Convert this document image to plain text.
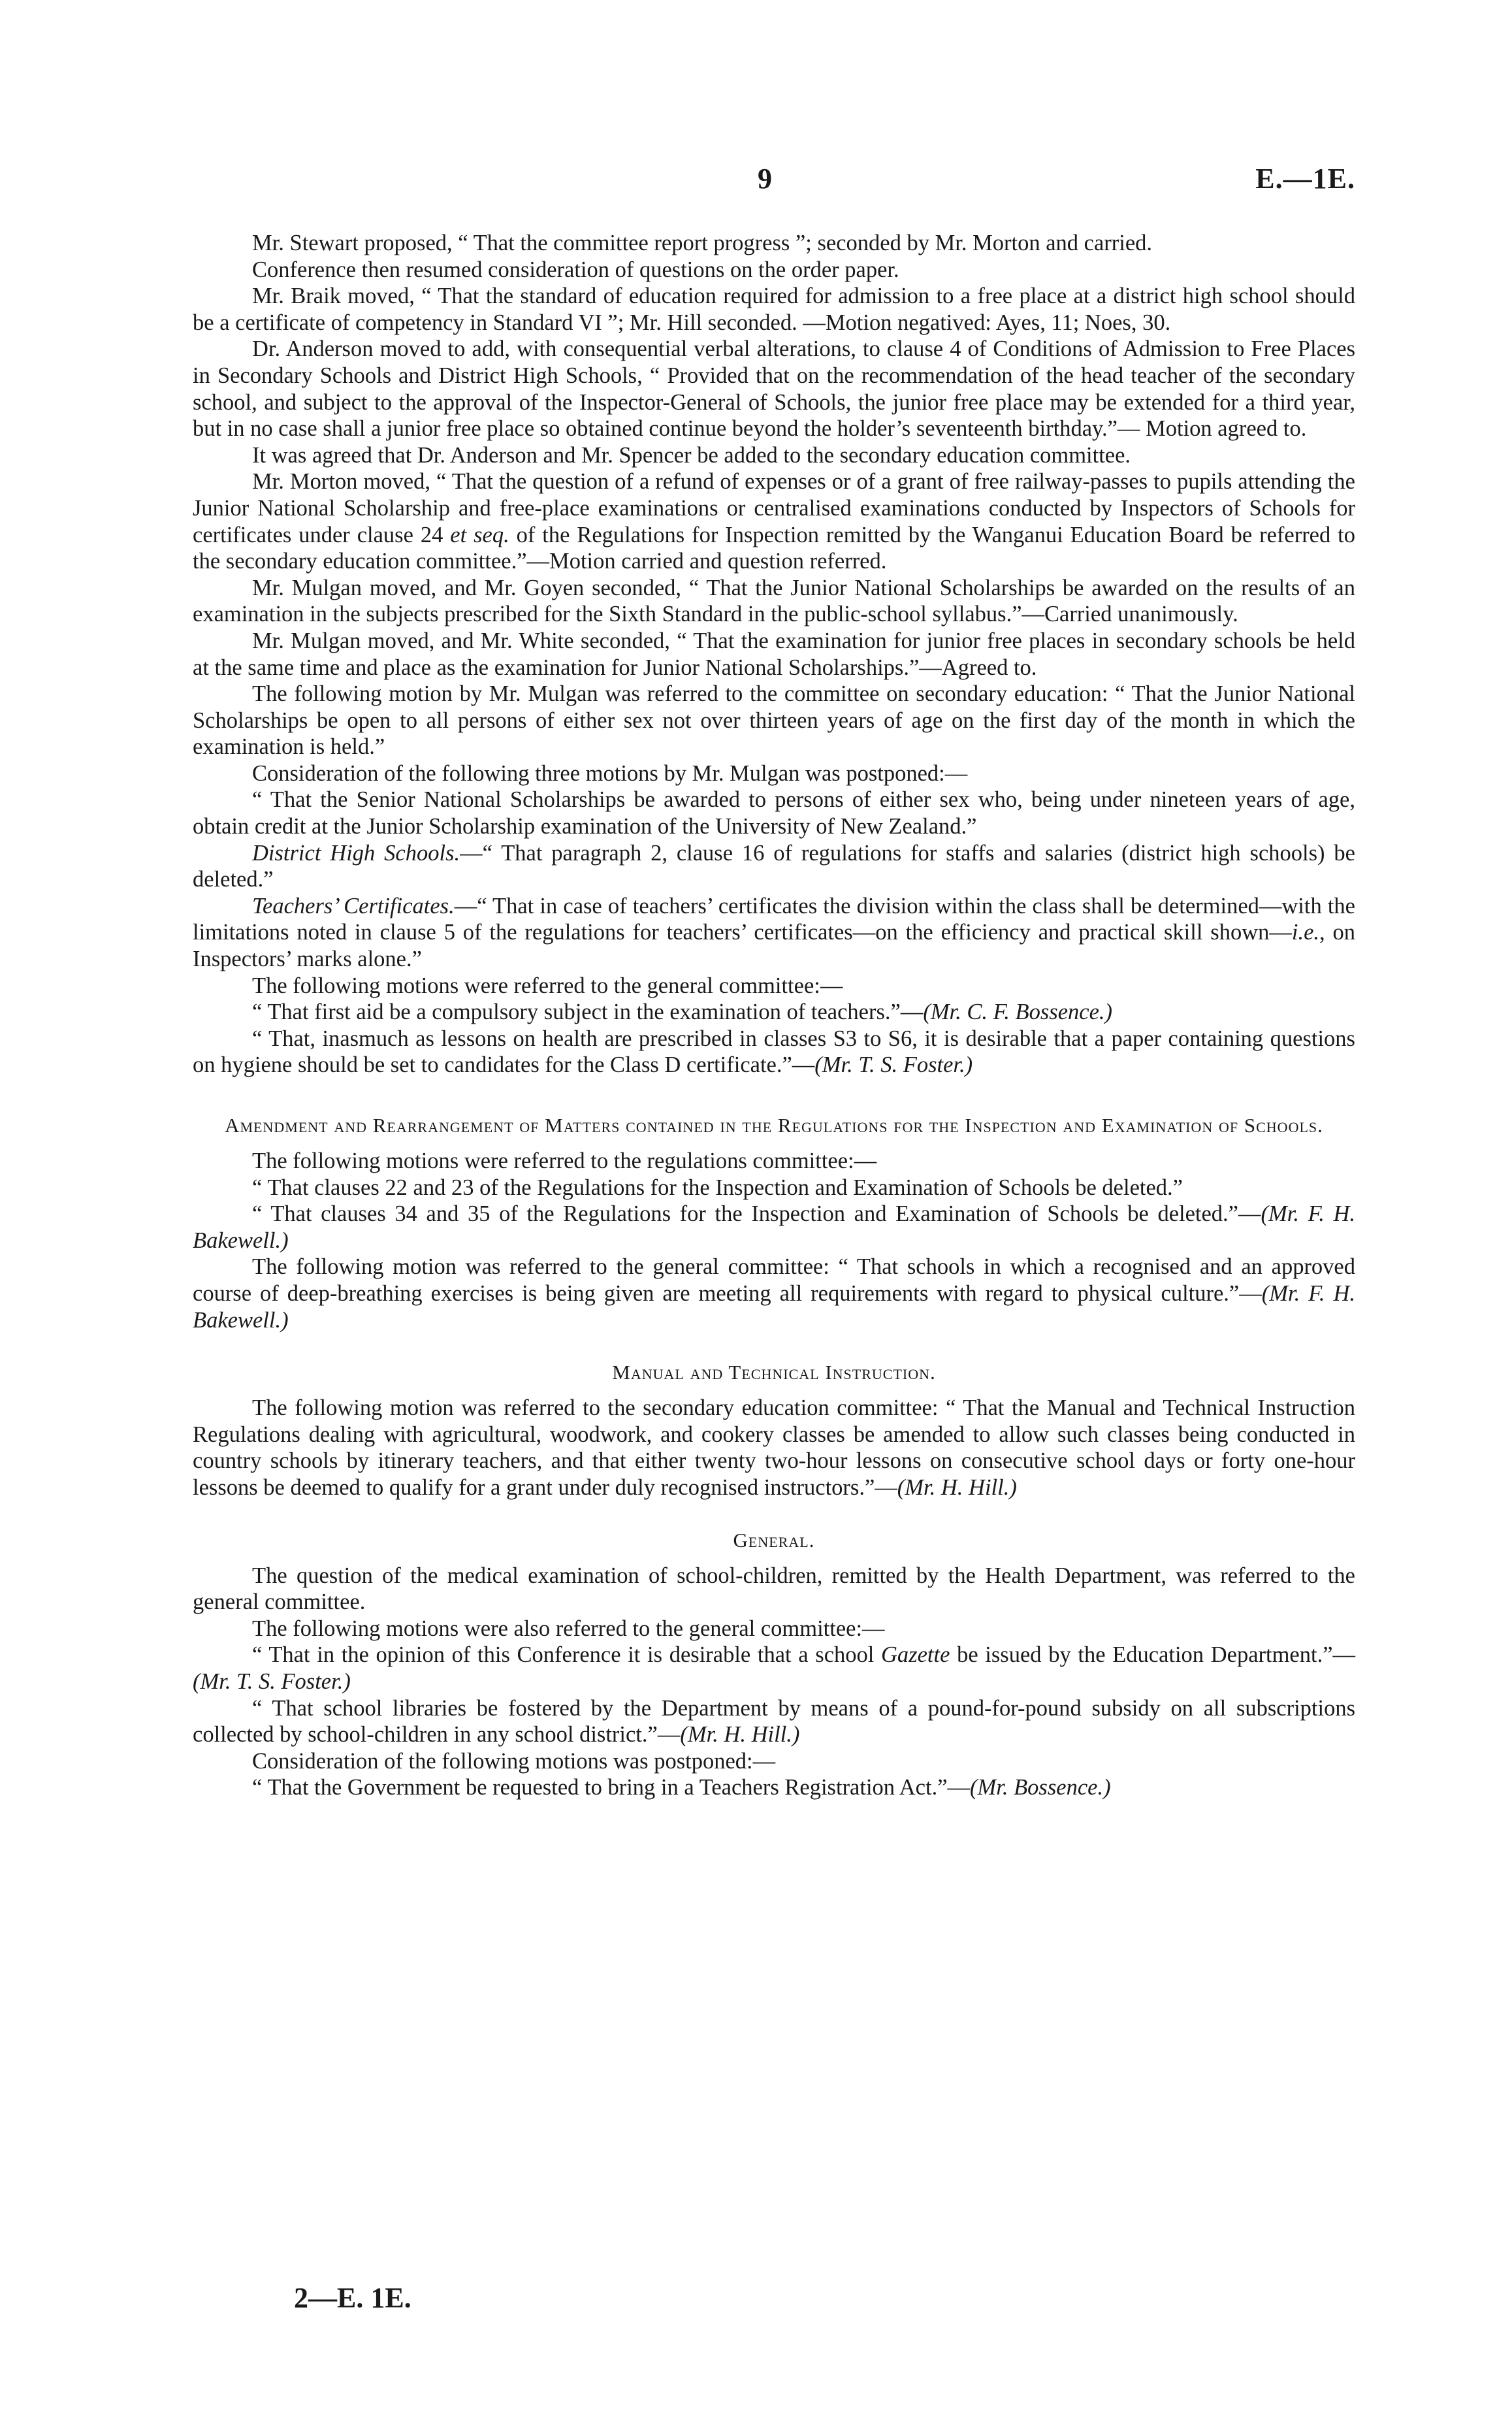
9	E.—1E.

Mr. Stewart proposed, “ That the committee report progress ”; seconded by Mr. Morton and carried.

Conference then resumed consideration of questions on the order paper.

Mr. Braik moved, “ That the standard of education required for admission to a free place at a district high school should be a certificate of competency in Standard VI ”; Mr. Hill seconded. —Motion negatived: Ayes, 11; Noes, 30.

Dr. Anderson moved to add, with consequential verbal alterations, to clause 4 of Conditions of Admission to Free Places in Secondary Schools and District High Schools, “ Provided that on the recommendation of the head teacher of the secondary school, and subject to the approval of the Inspector-General of Schools, the junior free place may be extended for a third year, but in no case shall a junior free place so obtained continue beyond the holder’s seventeenth birthday.”— Motion agreed to.

It was agreed that Dr. Anderson and Mr. Spencer be added to the secondary education committee.

Mr. Morton moved, “ That the question of a refund of expenses or of a grant of free railway-passes to pupils attending the Junior National Scholarship and free-place examinations or centralised examinations conducted by Inspectors of Schools for certificates under clause 24 et seq. of the Regulations for Inspection remitted by the Wanganui Education Board be referred to the secondary education committee.”—Motion carried and question referred.

Mr. Mulgan moved, and Mr. Goyen seconded, “ That the Junior National Scholarships be awarded on the results of an examination in the subjects prescribed for the Sixth Standard in the public-school syllabus.”—Carried unanimously.

Mr. Mulgan moved, and Mr. White seconded, “ That the examination for junior free places in secondary schools be held at the same time and place as the examination for Junior National Scholarships.”—Agreed to.

The following motion by Mr. Mulgan was referred to the committee on secondary education: “ That the Junior National Scholarships be open to all persons of either sex not over thirteen years of age on the first day of the month in which the examination is held.”

Consideration of the following three motions by Mr. Mulgan was postponed:—

“ That the Senior National Scholarships be awarded to persons of either sex who, being under nineteen years of age, obtain credit at the Junior Scholarship examination of the University of New Zealand.”

District High Schools.—“ That paragraph 2, clause 16 of regulations for staffs and salaries (district high schools) be deleted.”

Teachers’ Certificates.—“ That in case of teachers’ certificates the division within the class shall be determined—with the limitations noted in clause 5 of the regulations for teachers’ certificates—on the efficiency and practical skill shown—i.e., on Inspectors’ marks alone.”

The following motions were referred to the general committee:—

“ That first aid be a compulsory subject in the examination of teachers.”—(Mr. C. F. Bossence.)

“ That, inasmuch as lessons on health are prescribed in classes S3 to S6, it is desirable that a paper containing questions on hygiene should be set to candidates for the Class D certificate.”—(Mr. T. S. Foster.)

Amendment and Rearrangement of Matters contained in the Regulations for the Inspection and Examination of Schools.

The following motions were referred to the regulations committee:—

“ That clauses 22 and 23 of the Regulations for the Inspection and Examination of Schools be deleted.”

“ That clauses 34 and 35 of the Regulations for the Inspection and Examination of Schools be deleted.”—(Mr. F. H. Bakewell.)

The following motion was referred to the general committee: “ That schools in which a recognised and an approved course of deep-breathing exercises is being given are meeting all requirements with regard to physical culture.”—(Mr. F. H. Bakewell.)

Manual and Technical Instruction.

The following motion was referred to the secondary education committee: “ That the Manual and Technical Instruction Regulations dealing with agricultural, woodwork, and cookery classes be amended to allow such classes being conducted in country schools by itinerary teachers, and that either twenty two-hour lessons on consecutive school days or forty one-hour lessons be deemed to qualify for a grant under duly recognised instructors.”—(Mr. H. Hill.)

General.

The question of the medical examination of school-children, remitted by the Health Department, was referred to the general committee.

The following motions were also referred to the general committee:—

“ That in the opinion of this Conference it is desirable that a school Gazette be issued by the Education Department.”—(Mr. T. S. Foster.)

“ That school libraries be fostered by the Department by means of a pound-for-pound subsidy on all subscriptions collected by school-children in any school district.”—(Mr. H. Hill.)

Consideration of the following motions was postponed:—

“ That the Government be requested to bring in a Teachers Registration Act.”—(Mr. Bossence.)

2—E. 1E.
